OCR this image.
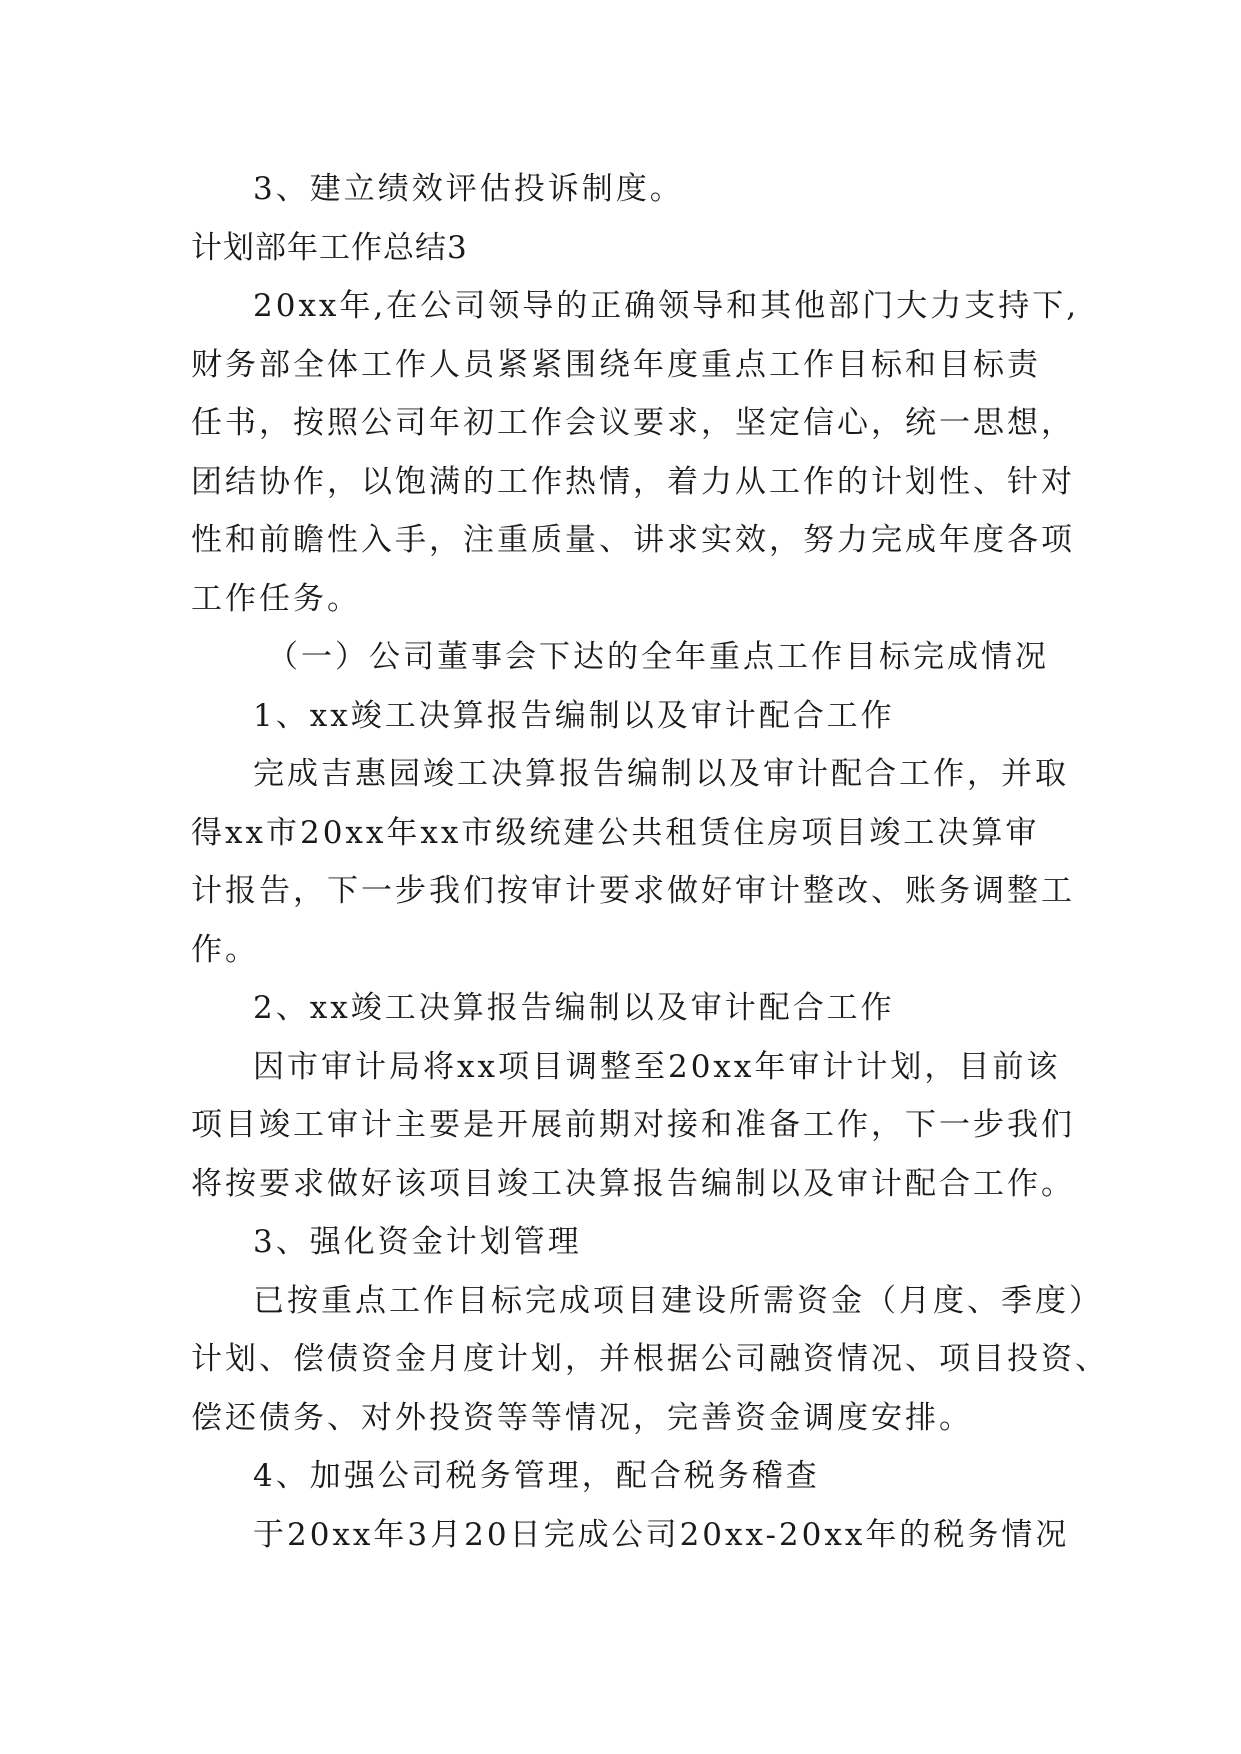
3、建立绩效评估投诉制度。
计划部年工作总结3
20xx年,在公司领导的正确领导和其他部门大力支持下,
财务部全体工作人员紧紧围绕年度重点工作目标和目标责
任书，按照公司年初工作会议要求，坚定信心，统一思想，
团结协作，以饱满的工作热情，着力从工作的计划性、针对
性和前瞻性入手，注重质量、讲求实效，努力完成年度各项
工作任务。
（一）公司董事会下达的全年重点工作目标完成情况
1、xx竣工决算报告编制以及审计配合工作
完成吉惠园竣工决算报告编制以及审计配合工作，并取
得xx市20xx年xx市级统建公共租赁住房项目竣工决算审
计报告，下一步我们按审计要求做好审计整改、账务调整工
作。
2、xx竣工决算报告编制以及审计配合工作
因市审计局将xx项目调整至20xx年审计计划，目前该
项目竣工审计主要是开展前期对接和准备工作，下一步我们
将按要求做好该项目竣工决算报告编制以及审计配合工作。
3、强化资金计划管理
已按重点工作目标完成项目建设所需资金（月度、季度）
计划、偿债资金月度计划，并根据公司融资情况、项目投资、
偿还债务、对外投资等等情况，完善资金调度安排。
4、加强公司税务管理，配合税务稽查
于20xx年3月20日完成公司20xx-20xx年的税务情况
